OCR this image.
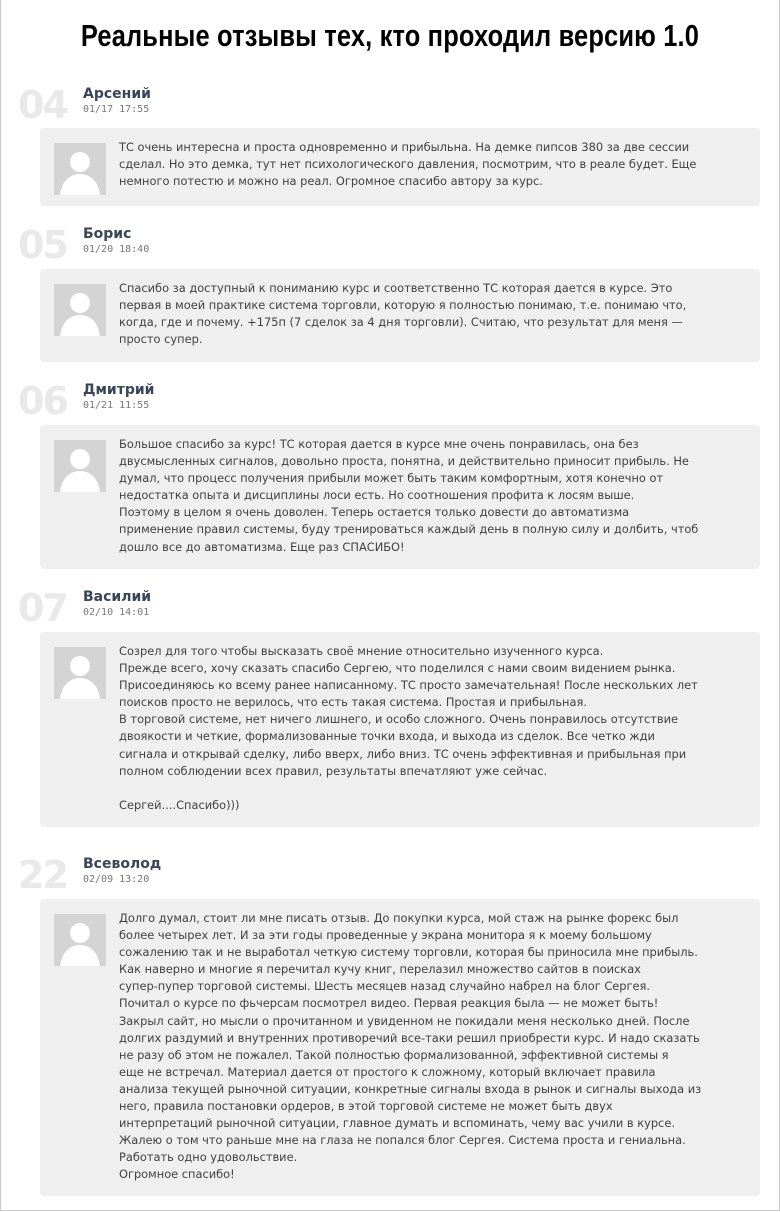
Реальные отзывы тех, кто проходил версию 1.0
04 Арсений
01/17 17:55

ТС очень интересна и проста одновременно и прибыльна. На демке пипсов 380 за две сессии
сделал. Но это демка, тут нет психологического давления, посмотрим, что в реале будет. Еще
немного потестю и можно на реал. Огромное спасибо автору за курс.

05 Борис
01/20 18:40

Спасибо за доступный к пониманию курс и соответственно ТС которая дается в курсе. Это
первая в моей практике система торговли, которую я полностью понимаю, т.е. понимаю что,
когда, где и почему. +175п (7 сделок за 4 дня торговли). Считаю, что результат для меня —
просто супер.

06 Дмитрий
01/21 11:55

Большое спасибо за курс! ТС которая дается в курсе мне очень понравилась, она без
двусмысленных сигналов, довольно проста, понятна, и действительно приносит прибыль. Не
думал, что процесс получения прибыли может быть таким комфортным, хотя конечно от
недостатка опыта и дисциплины лоси есть. Но соотношения профита к лосям выше.
Поэтому в целом я очень доволен. Теперь остается только довести до автоматизма
применение правил системы, буду тренироваться каждый день в полную силу и долбить, чтоб
дошло все до автоматизма. Еще раз СПАСИБО!

07 Василий
02/10 14:01

Созрел для того чтобы высказать своё мнение относительно изученного курса.
Прежде всего, хочу сказать спасибо Сергею, что поделился с нами своим видением рынка.
Присоединяюсь ко всему ранее написанному. ТС просто замечательная! После нескольких лет
поисков просто не верилось, что есть такая система. Простая и прибыльная.
В торговой системе, нет ничего лишнего, и особо сложного. Очень понравилось отсутствие
двоякости и четкие, формализованные точки входа, и выхода из сделок. Все четко жди
сигнала и открывай сделку, либо вверх, либо вниз. ТС очень эффективная и прибыльная при
полном соблюдении всех правил, результаты впечатляют уже сейчас.

Сергей....Спасибо)))

22 Всеволод
02/09 13:20

Долго думал, стоит ли мне писать отзыв. До покупки курса, мой стаж на рынке форекс был
более четырех лет. И за эти годы проведенные у экрана монитора я к моему большому
сожалению так и не выработал четкую систему торговли, которая бы приносила мне прибыль.
Как наверно и многие я перечитал кучу книг, перелазил множество сайтов в поисках
супер-пупер торговой системы. Шесть месяцев назад случайно набрел на блог Сергея.
Почитал о курсе по фьчерсам посмотрел видео. Первая реакция была — не может быть!
Закрыл сайт, но мысли о прочитанном и увиденном не покидали меня несколько дней. После
долгих раздумий и внутренних противоречий все-таки решил приобрести курс. И надо сказать
не разу об этом не пожалел. Такой полностью формализованной, эффективной системы я
еще не встречал. Материал дается от простого к сложному, который включает правила
анализа текущей рыночной ситуации, конкретные сигналы входа в рынок и сигналы выхода из
него, правила постановки ордеров, в этой торговой системе не может быть двух
интерпретаций рыночной ситуации, главное думать и вспоминать, чему вас учили в курсе.
Жалею о том что раньше мне на глаза не попался блог Сергея. Система проста и гениальна.
Работать одно удовольствие.
Огромное спасибо!
